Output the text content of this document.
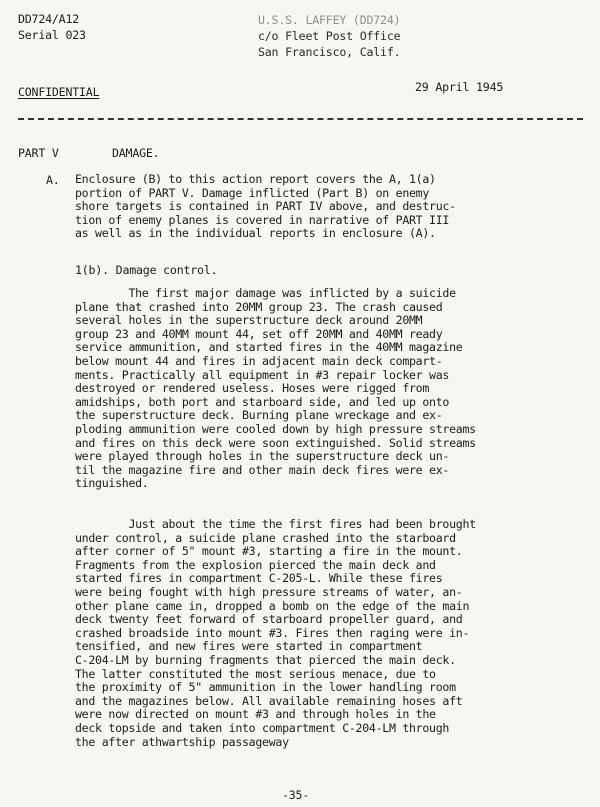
DD724/A12
Serial 023
U.S.S. LAFFEY (DD724)
c/o Fleet Post Office
San Francisco, Calif.
CONFIDENTIAL	29 April 1945
PART V	DAMAGE.
A. Enclosure (B) to this action report covers the A, 1(a)
portion of PART V. Damage inflicted (Part B) on enemy
shore targets is contained in PART IV above, and destruc-
tion of enemy planes is covered in narrative of PART III
as well as in the individual reports in enclosure (A).
1(b). Damage control.
The first major damage was inflicted by a suicide
plane that crashed into 20MM group 23. The crash caused
several holes in the superstructure deck around 20MM
group 23 and 40MM mount 44, set off 20MM and 40MM ready
service ammunition, and started fires in the 40MM magazine
below mount 44 and fires in adjacent main deck compart-
ments. Practically all equipment in #3 repair locker was
destroyed or rendered useless. Hoses were rigged from
amidships, both port and starboard side, and led up onto
the superstructure deck. Burning plane wreckage and ex-
ploding ammunition were cooled down by high pressure streams
and fires on this deck were soon extinguished. Solid streams
were played through holes in the superstructure deck un-
til the magazine fire and other main deck fires were ex-
tinguished.
Just about the time the first fires had been brought
under control, a suicide plane crashed into the starboard
after corner of 5" mount #3, starting a fire in the mount.
Fragments from the explosion pierced the main deck and
started fires in compartment C-205-L. While these fires
were being fought with high pressure streams of water, an-
other plane came in, dropped a bomb on the edge of the main
deck twenty feet forward of starboard propeller guard, and
crashed broadside into mount #3. Fires then raging were in-
tensified, and new fires were started in compartment
C-204-LM by burning fragments that pierced the main deck.
The latter constituted the most serious menace, due to
the proximity of 5" ammunition in the lower handling room
and the magazines below. All available remaining hoses aft
were now directed on mount #3 and through holes in the
deck topside and taken into compartment C-204-LM through
the after athwartship passageway
-35-
